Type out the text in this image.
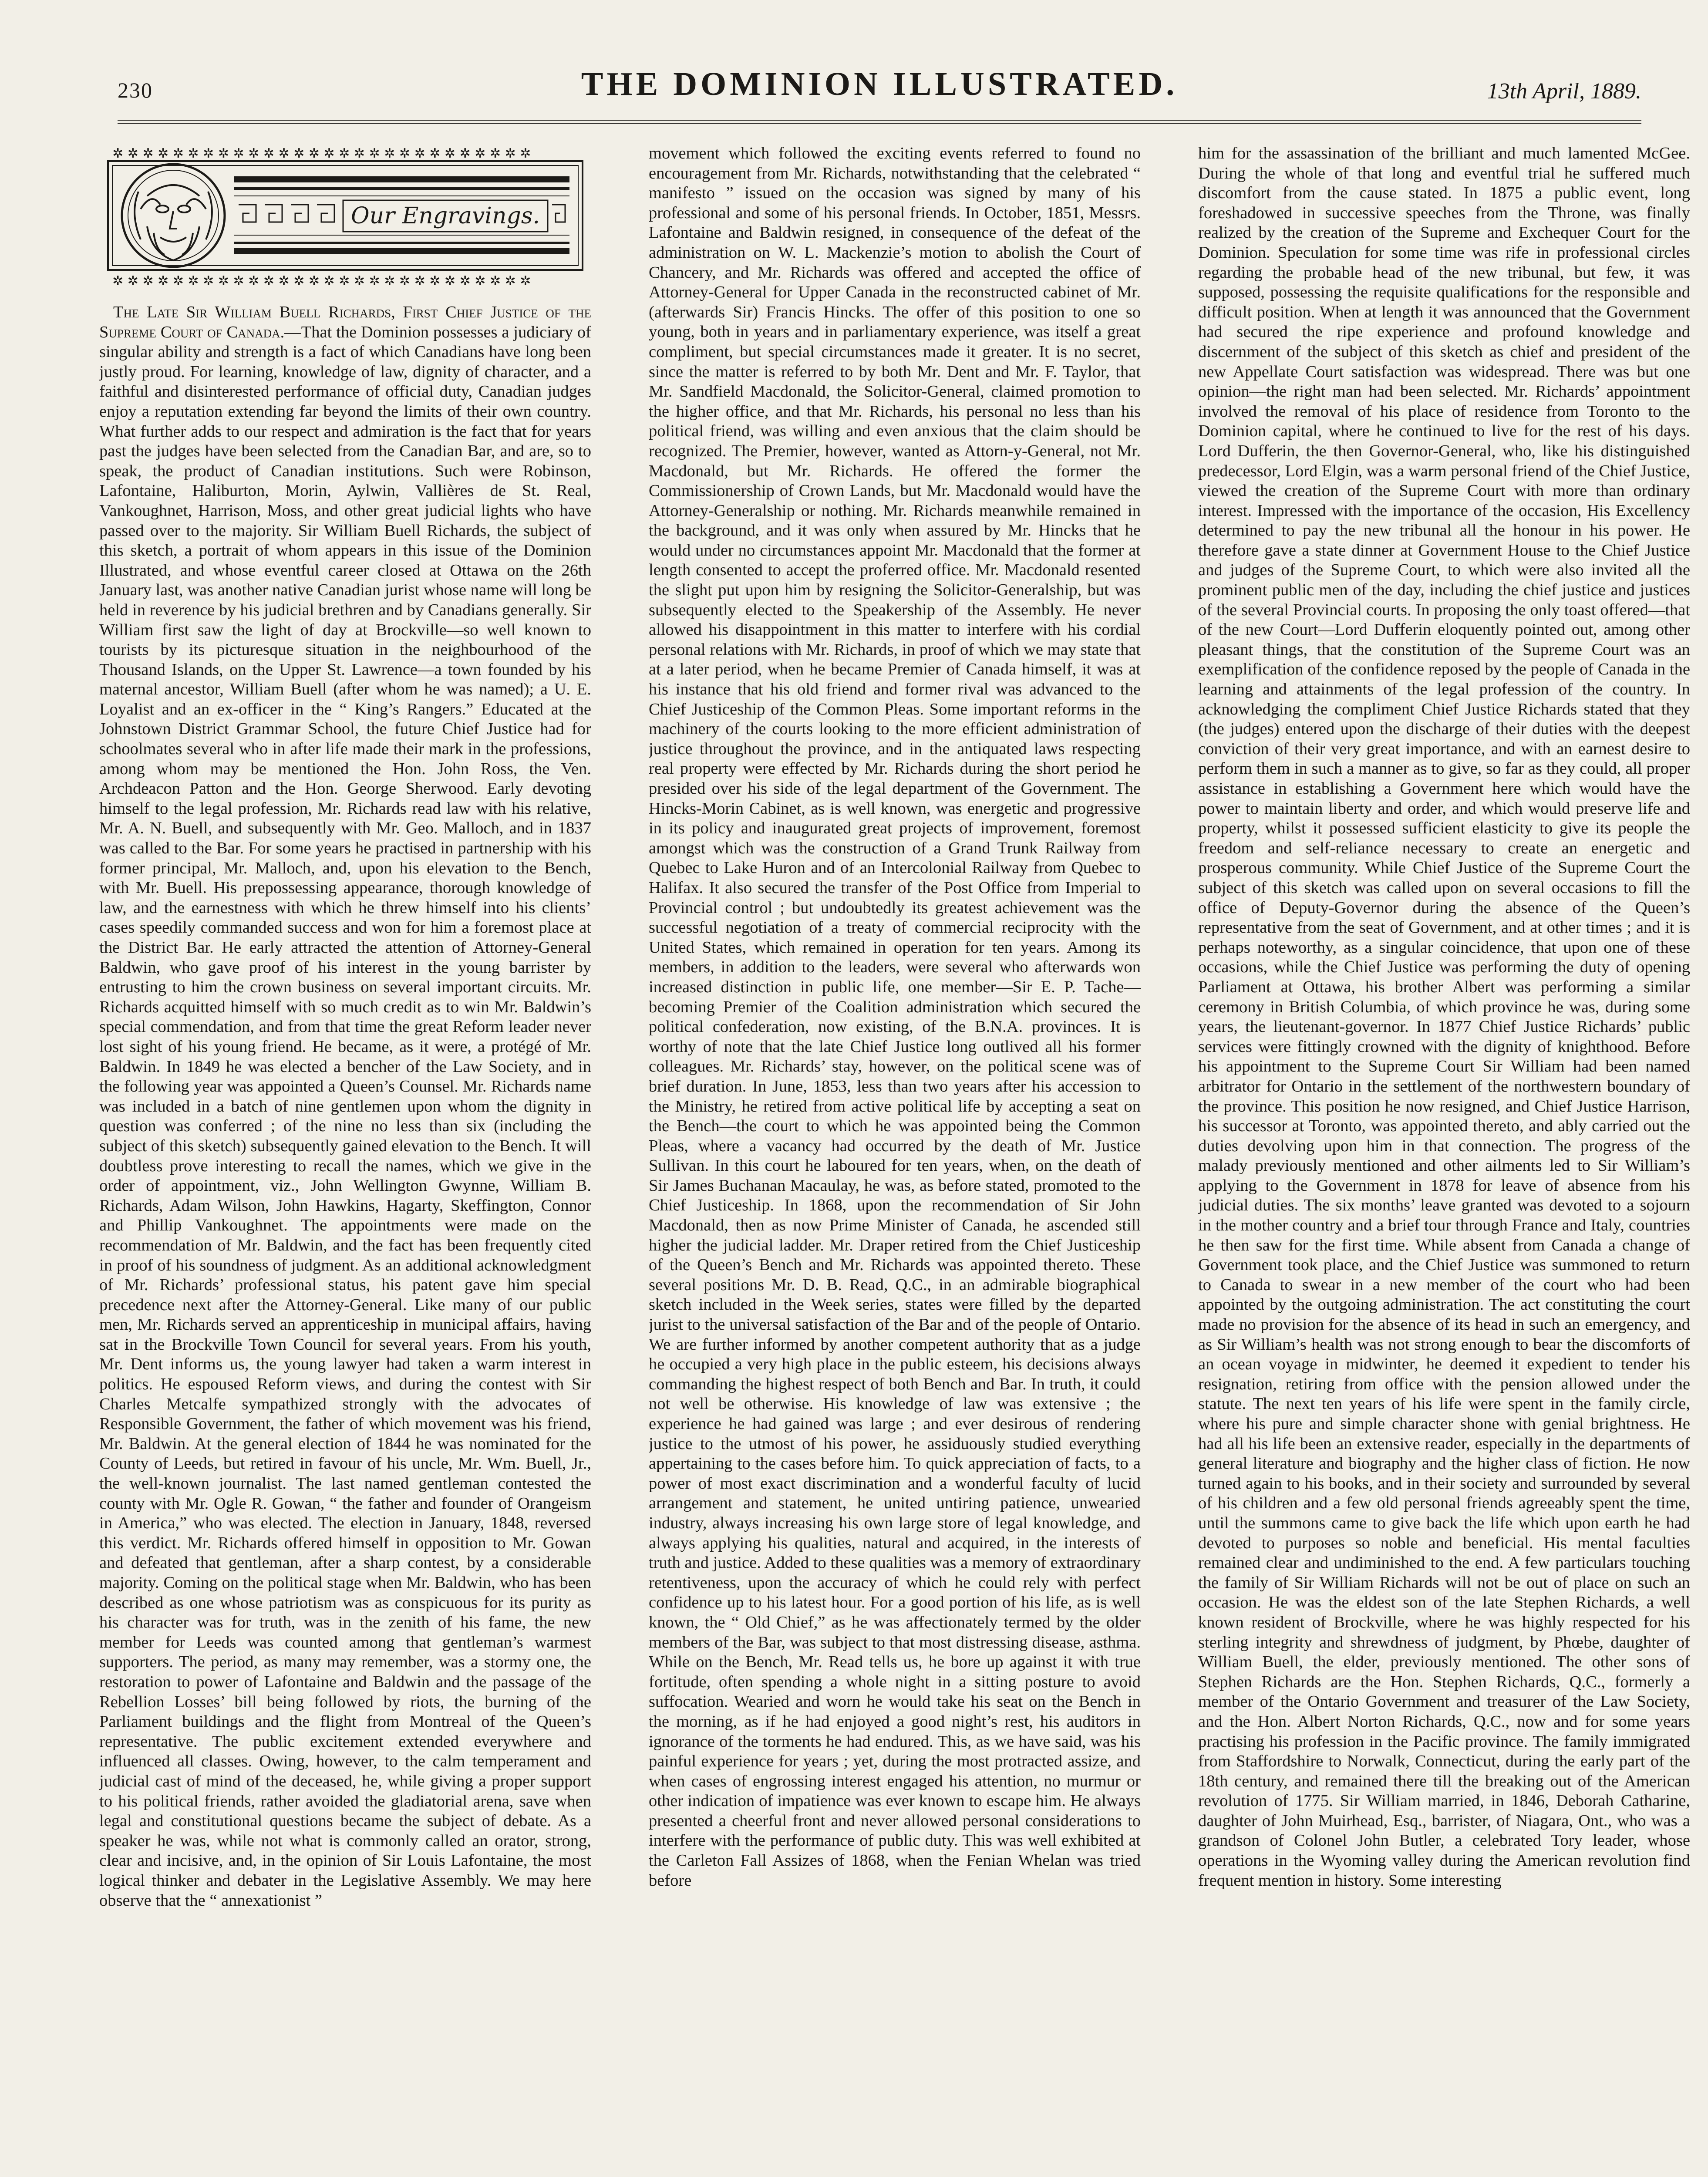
230	THE DOMINION ILLUSTRATED.	13th April, 1889.
✲ ✲ ✲ ✲ ✲ ✲ ✲ ✲ ✲ ✲ ✲ ✲ ✲ ✲ ✲ ✲ ✲ ✲ ✲ ✲ ✲ ✲ ✲ ✲ ✲ ✲ ✲ ✲
✲ ✲ ✲ ✲ ✲ ✲ ✲ ✲ ✲ ✲ ✲ ✲ ✲ ✲ ✲ ✲ ✲ ✲ ✲ ✲ ✲ ✲ ✲ ✲ ✲ ✲ ✲ ✲
Our Engravings.

The Late Sir William Buell Richards, First Chief Justice of the Supreme Court of Canada.—That the Dominion possesses a judiciary of singular ability and strength is a fact of which Canadians have long been justly proud. For learning, knowledge of law, dignity of character, and a faithful and disinterested performance of official duty, Canadian judges enjoy a reputation extending far beyond the limits of their own country. What further adds to our respect and admiration is the fact that for years past the judges have been selected from the Canadian Bar, and are, so to speak, the product of Canadian institutions. Such were Robinson, Lafontaine, Haliburton, Morin, Aylwin, Vallières de St. Real, Vankoughnet, Harrison, Moss, and other great judicial lights who have passed over to the majority. Sir William Buell Richards, the subject of this sketch, a portrait of whom appears in this issue of the Dominion Illustrated, and whose eventful career closed at Ottawa on the 26th January last, was another native Canadian jurist whose name will long be held in reverence by his judicial brethren and by Canadians generally. Sir William first saw the light of day at Brockville—so well known to tourists by its picturesque situation in the neighbourhood of the Thousand Islands, on the Upper St. Lawrence—a town founded by his maternal ancestor, William Buell (after whom he was named); a U. E. Loyalist and an ex-officer in the “ King’s Rangers.” Educated at the Johnstown District Grammar School, the future Chief Justice had for schoolmates several who in after life made their mark in the professions, among whom may be mentioned the Hon. John Ross, the Ven. Archdeacon Patton and the Hon. George Sherwood. Early devoting himself to the legal profession, Mr. Richards read law with his relative, Mr. A. N. Buell, and subsequently with Mr. Geo. Malloch, and in 1837 was called to the Bar. For some years he practised in partnership with his former principal, Mr. Malloch, and, upon his elevation to the Bench, with Mr. Buell. His prepossessing appearance, thorough knowledge of law, and the earnestness with which he threw himself into his clients’ cases speedily commanded success and won for him a foremost place at the District Bar. He early attracted the attention of Attorney-General Baldwin, who gave proof of his interest in the young barrister by entrusting to him the crown business on several important circuits. Mr. Richards acquitted himself with so much credit as to win Mr. Baldwin’s special commendation, and from that time the great Reform leader never lost sight of his young friend. He became, as it were, a protégé of Mr. Baldwin. In 1849 he was elected a bencher of the Law Society, and in the following year was appointed a Queen’s Counsel. Mr. Richards name was included in a batch of nine gentlemen upon whom the dignity in question was conferred ; of the nine no less than six (including the subject of this sketch) subsequently gained elevation to the Bench. It will doubtless prove interesting to recall the names, which we give in the order of appointment, viz., John Wellington Gwynne, William B. Richards, Adam Wilson, John Hawkins, Hagarty, Skeffington, Connor and Phillip Vankoughnet. The appointments were made on the recommendation of Mr. Baldwin, and the fact has been frequently cited in proof of his soundness of judgment. As an additional acknowledgment of Mr. Richards’ professional status, his patent gave him special precedence next after the Attorney-General. Like many of our public men, Mr. Richards served an apprenticeship in municipal affairs, having sat in the Brockville Town Council for several years. From his youth, Mr. Dent informs us, the young lawyer had taken a warm interest in politics. He espoused Reform views, and during the contest with Sir Charles Metcalfe sympathized strongly with the advocates of Responsible Government, the father of which movement was his friend, Mr. Baldwin. At the general election of 1844 he was nominated for the County of Leeds, but retired in favour of his uncle, Mr. Wm. Buell, Jr., the well-known journalist. The last named gentleman contested the county with Mr. Ogle R. Gowan, “ the father and founder of Orangeism in America,” who was elected. The election in January, 1848, reversed this verdict. Mr. Richards offered himself in opposition to Mr. Gowan and defeated that gentleman, after a sharp contest, by a considerable majority. Coming on the political stage when Mr. Baldwin, who has been described as one whose patriotism was as conspicuous for its purity as his character was for truth, was in the zenith of his fame, the new member for Leeds was counted among that gentleman’s warmest supporters. The period, as many may remember, was a stormy one, the restoration to power of Lafontaine and Baldwin and the passage of the Rebellion Losses’ bill being followed by riots, the burning of the Parliament buildings and the flight from Montreal of the Queen’s representative. The public excitement extended everywhere and influenced all classes. Owing, however, to the calm temperament and judicial cast of mind of the deceased, he, while giving a proper support to his political friends, rather avoided the gladiatorial arena, save when legal and constitutional questions became the subject of debate. As a speaker he was, while not what is commonly called an orator, strong, clear and incisive, and, in the opinion of Sir Louis Lafontaine, the most logical thinker and debater in the Legislative Assembly. We may here observe that the “ annexationist ”

movement which followed the exciting events referred to found no encouragement from Mr. Richards, notwithstanding that the celebrated “ manifesto ” issued on the occasion was signed by many of his professional and some of his personal friends. In October, 1851, Messrs. Lafontaine and Baldwin resigned, in consequence of the defeat of the administration on W. L. Mackenzie’s motion to abolish the Court of Chancery, and Mr. Richards was offered and accepted the office of Attorney-General for Upper Canada in the reconstructed cabinet of Mr. (afterwards Sir) Francis Hincks. The offer of this position to one so young, both in years and in parliamentary experience, was itself a great compliment, but special circumstances made it greater. It is no secret, since the matter is referred to by both Mr. Dent and Mr. F. Taylor, that Mr. Sandfield Macdonald, the Solicitor-General, claimed promotion to the higher office, and that Mr. Richards, his personal no less than his political friend, was willing and even anxious that the claim should be recognized. The Premier, however, wanted as Attorn-y-General, not Mr. Macdonald, but Mr. Richards. He offered the former the Commissionership of Crown Lands, but Mr. Macdonald would have the Attorney-Generalship or nothing. Mr. Richards meanwhile remained in the background, and it was only when assured by Mr. Hincks that he would under no circumstances appoint Mr. Macdonald that the former at length consented to accept the proferred office. Mr. Macdonald resented the slight put upon him by resigning the Solicitor-Generalship, but was subsequently elected to the Speakership of the Assembly. He never allowed his disappointment in this matter to interfere with his cordial personal relations with Mr. Richards, in proof of which we may state that at a later period, when he became Premier of Canada himself, it was at his instance that his old friend and former rival was advanced to the Chief Justiceship of the Common Pleas. Some important reforms in the machinery of the courts looking to the more efficient administration of justice throughout the province, and in the antiquated laws respecting real property were effected by Mr. Richards during the short period he presided over his side of the legal department of the Government. The Hincks-Morin Cabinet, as is well known, was energetic and progressive in its policy and inaugurated great projects of improvement, foremost amongst which was the construction of a Grand Trunk Railway from Quebec to Lake Huron and of an Intercolonial Railway from Quebec to Halifax. It also secured the transfer of the Post Office from Imperial to Provincial control ; but undoubtedly its greatest achievement was the successful negotiation of a treaty of commercial reciprocity with the United States, which remained in operation for ten years. Among its members, in addition to the leaders, were several who afterwards won increased distinction in public life, one member—Sir E. P. Tache—becoming Premier of the Coalition administration which secured the political confederation, now existing, of the B.N.A. provinces. It is worthy of note that the late Chief Justice long outlived all his former colleagues. Mr. Richards’ stay, however, on the political scene was of brief duration. In June, 1853, less than two years after his accession to the Ministry, he retired from active political life by accepting a seat on the Bench—the court to which he was appointed being the Common Pleas, where a vacancy had occurred by the death of Mr. Justice Sullivan. In this court he laboured for ten years, when, on the death of Sir James Buchanan Macaulay, he was, as before stated, promoted to the Chief Justiceship. In 1868, upon the recommendation of Sir John Macdonald, then as now Prime Minister of Canada, he ascended still higher the judicial ladder. Mr. Draper retired from the Chief Justiceship of the Queen’s Bench and Mr. Richards was appointed thereto. These several positions Mr. D. B. Read, Q.C., in an admirable biographical sketch included in the Week series, states were filled by the departed jurist to the universal satisfaction of the Bar and of the people of Ontario. We are further informed by another competent authority that as a judge he occupied a very high place in the public esteem, his decisions always commanding the highest respect of both Bench and Bar. In truth, it could not well be otherwise. His knowledge of law was extensive ; the experience he had gained was large ; and ever desirous of rendering justice to the utmost of his power, he assiduously studied everything appertaining to the cases before him. To quick appreciation of facts, to a power of most exact discrimination and a wonderful faculty of lucid arrangement and statement, he united untiring patience, unwearied industry, always increasing his own large store of legal knowledge, and always applying his qualities, natural and acquired, in the interests of truth and justice. Added to these qualities was a memory of extraordinary retentiveness, upon the accuracy of which he could rely with perfect confidence up to his latest hour. For a good portion of his life, as is well known, the “ Old Chief,” as he was affectionately termed by the older members of the Bar, was subject to that most distressing disease, asthma. While on the Bench, Mr. Read tells us, he bore up against it with true fortitude, often spending a whole night in a sitting posture to avoid suffocation. Wearied and worn he would take his seat on the Bench in the morning, as if he had enjoyed a good night’s rest, his auditors in ignorance of the torments he had endured. This, as we have said, was his painful experience for years ; yet, during the most protracted assize, and when cases of engrossing interest engaged his attention, no murmur or other indication of impatience was ever known to escape him. He always presented a cheerful front and never allowed personal considerations to interfere with the performance of public duty. This was well exhibited at the Carleton Fall Assizes of 1868, when the Fenian Whelan was tried before

him for the assassination of the brilliant and much lamented McGee. During the whole of that long and eventful trial he suffered much discomfort from the cause stated. In 1875 a public event, long foreshadowed in successive speeches from the Throne, was finally realized by the creation of the Supreme and Exchequer Court for the Dominion. Speculation for some time was rife in professional circles regarding the probable head of the new tribunal, but few, it was supposed, possessing the requisite qualifications for the responsible and difficult position. When at length it was announced that the Government had secured the ripe experience and profound knowledge and discernment of the subject of this sketch as chief and president of the new Appellate Court satisfaction was widespread. There was but one opinion—the right man had been selected. Mr. Richards’ appointment involved the removal of his place of residence from Toronto to the Dominion capital, where he continued to live for the rest of his days. Lord Dufferin, the then Governor-General, who, like his distinguished predecessor, Lord Elgin, was a warm personal friend of the Chief Justice, viewed the creation of the Supreme Court with more than ordinary interest. Impressed with the importance of the occasion, His Excellency determined to pay the new tribunal all the honour in his power. He therefore gave a state dinner at Government House to the Chief Justice and judges of the Supreme Court, to which were also invited all the prominent public men of the day, including the chief justice and justices of the several Provincial courts. In proposing the only toast offered—that of the new Court—Lord Dufferin eloquently pointed out, among other pleasant things, that the constitution of the Supreme Court was an exemplification of the confidence reposed by the people of Canada in the learning and attainments of the legal profession of the country. In acknowledging the compliment Chief Justice Richards stated that they (the judges) entered upon the discharge of their duties with the deepest conviction of their very great importance, and with an earnest desire to perform them in such a manner as to give, so far as they could, all proper assistance in establishing a Government here which would have the power to maintain liberty and order, and which would preserve life and property, whilst it possessed sufficient elasticity to give its people the freedom and self-reliance necessary to create an energetic and prosperous community. While Chief Justice of the Supreme Court the subject of this sketch was called upon on several occasions to fill the office of Deputy-Governor during the absence of the Queen’s representative from the seat of Government, and at other times ; and it is perhaps noteworthy, as a singular coincidence, that upon one of these occasions, while the Chief Justice was performing the duty of opening Parliament at Ottawa, his brother Albert was performing a similar ceremony in British Columbia, of which province he was, during some years, the lieutenant-governor. In 1877 Chief Justice Richards’ public services were fittingly crowned with the dignity of knighthood. Before his appointment to the Supreme Court Sir William had been named arbitrator for Ontario in the settlement of the northwestern boundary of the province. This position he now resigned, and Chief Justice Harrison, his successor at Toronto, was appointed thereto, and ably carried out the duties devolving upon him in that connection. The progress of the malady previously mentioned and other ailments led to Sir William’s applying to the Government in 1878 for leave of absence from his judicial duties. The six months’ leave granted was devoted to a sojourn in the mother country and a brief tour through France and Italy, countries he then saw for the first time. While absent from Canada a change of Government took place, and the Chief Justice was summoned to return to Canada to swear in a new member of the court who had been appointed by the outgoing administration. The act constituting the court made no provision for the absence of its head in such an emergency, and as Sir William’s health was not strong enough to bear the discomforts of an ocean voyage in midwinter, he deemed it expedient to tender his resignation, retiring from office with the pension allowed under the statute. The next ten years of his life were spent in the family circle, where his pure and simple character shone with genial brightness. He had all his life been an extensive reader, especially in the departments of general literature and biography and the higher class of fiction. He now turned again to his books, and in their society and surrounded by several of his children and a few old personal friends agreeably spent the time, until the summons came to give back the life which upon earth he had devoted to purposes so noble and beneficial. His mental faculties remained clear and undiminished to the end. A few particulars touching the family of Sir William Richards will not be out of place on such an occasion. He was the eldest son of the late Stephen Richards, a well known resident of Brockville, where he was highly respected for his sterling integrity and shrewdness of judgment, by Phœbe, daughter of William Buell, the elder, previously mentioned. The other sons of Stephen Richards are the Hon. Stephen Richards, Q.C., formerly a member of the Ontario Government and treasurer of the Law Society, and the Hon. Albert Norton Richards, Q.C., now and for some years practising his profession in the Pacific province. The family immigrated from Staffordshire to Norwalk, Connecticut, during the early part of the 18th century, and remained there till the breaking out of the American revolution of 1775. Sir William married, in 1846, Deborah Catharine, daughter of John Muirhead, Esq., barrister, of Niagara, Ont., who was a grandson of Colonel John Butler, a celebrated Tory leader, whose operations in the Wyoming valley during the American revolution find frequent mention in history. Some interesting
